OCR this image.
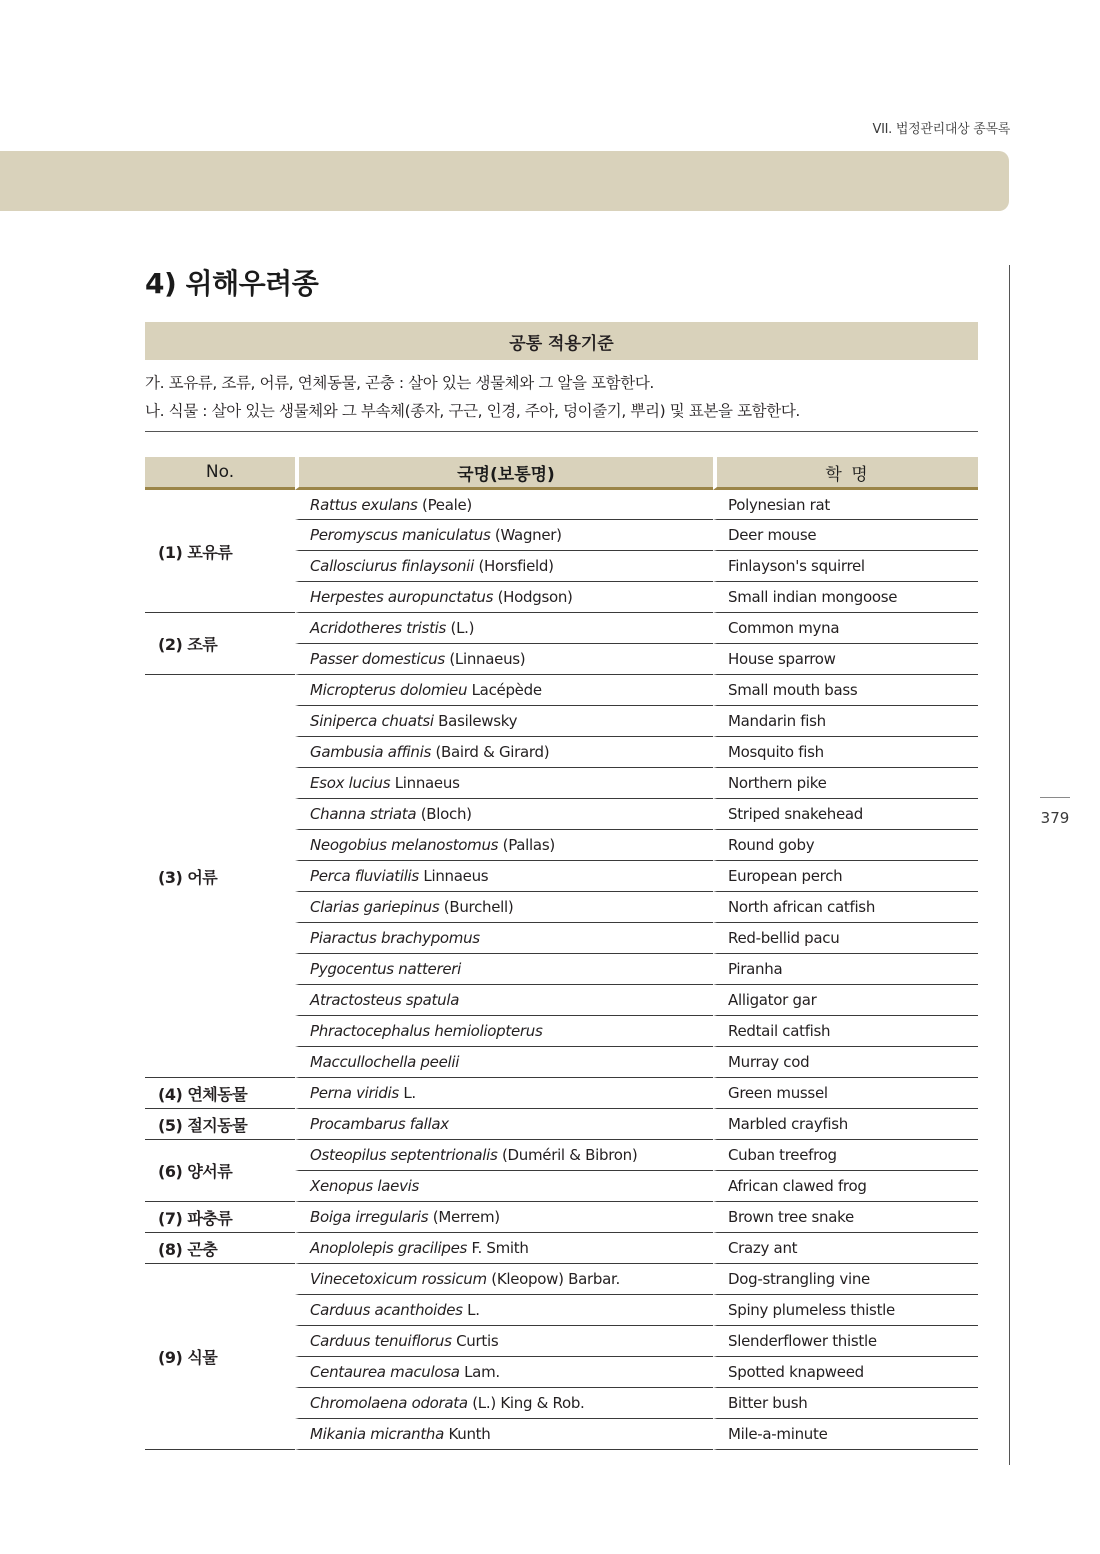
VII. 법정관리대상 종목록
379
4) 위해우려종
공통 적용기준
가. 포유류, 조류, 어류, 연체동물, 곤충 : 살아 있는 생물체와 그 알을 포함한다.
나. 식물 : 살아 있는 생물체와 그 부속체(종자, 구근, 인경, 주아, 덩이줄기, 뿌리) 및 표본을 포함한다.
No.	국명(보통명)	학 명
(1) 포유류	Rattus exulans (Peale)	Polynesian rat
	Peromyscus maniculatus (Wagner)	Deer mouse
	Callosciurus finlaysonii (Horsfield)	Finlayson's squirrel
	Herpestes auropunctatus (Hodgson)	Small indian mongoose
(2) 조류	Acridotheres tristis (L.)	Common myna
	Passer domesticus (Linnaeus)	House sparrow
(3) 어류	Micropterus dolomieu Lacépède	Small mouth bass
	Siniperca chuatsi Basilewsky	Mandarin fish
	Gambusia affinis (Baird & Girard)	Mosquito fish
	Esox lucius Linnaeus	Northern pike
	Channa striata (Bloch)	Striped snakehead
	Neogobius melanostomus (Pallas)	Round goby
	Perca fluviatilis Linnaeus	European perch
	Clarias gariepinus (Burchell)	North african catfish
	Piaractus brachypomus	Red-bellid pacu
	Pygocentus nattereri	Piranha
	Atractosteus spatula	Alligator gar
	Phractocephalus hemioliopterus	Redtail catfish
	Maccullochella peelii	Murray cod
(4) 연체동물	Perna viridis L.	Green mussel
(5) 절지동물	Procambarus fallax	Marbled crayfish
(6) 양서류	Osteopilus septentrionalis (Duméril & Bibron)	Cuban treefrog
	Xenopus laevis	African clawed frog
(7) 파충류	Boiga irregularis (Merrem)	Brown tree snake
(8) 곤충	Anoplolepis gracilipes F. Smith	Crazy ant
(9) 식물	Vinecetoxicum rossicum (Kleopow) Barbar.	Dog-strangling vine
	Carduus acanthoides L.	Spiny plumeless thistle
	Carduus tenuiflorus Curtis	Slenderflower thistle
	Centaurea maculosa Lam.	Spotted knapweed
	Chromolaena odorata (L.) King & Rob.	Bitter bush
	Mikania micrantha Kunth	Mile-a-minute
